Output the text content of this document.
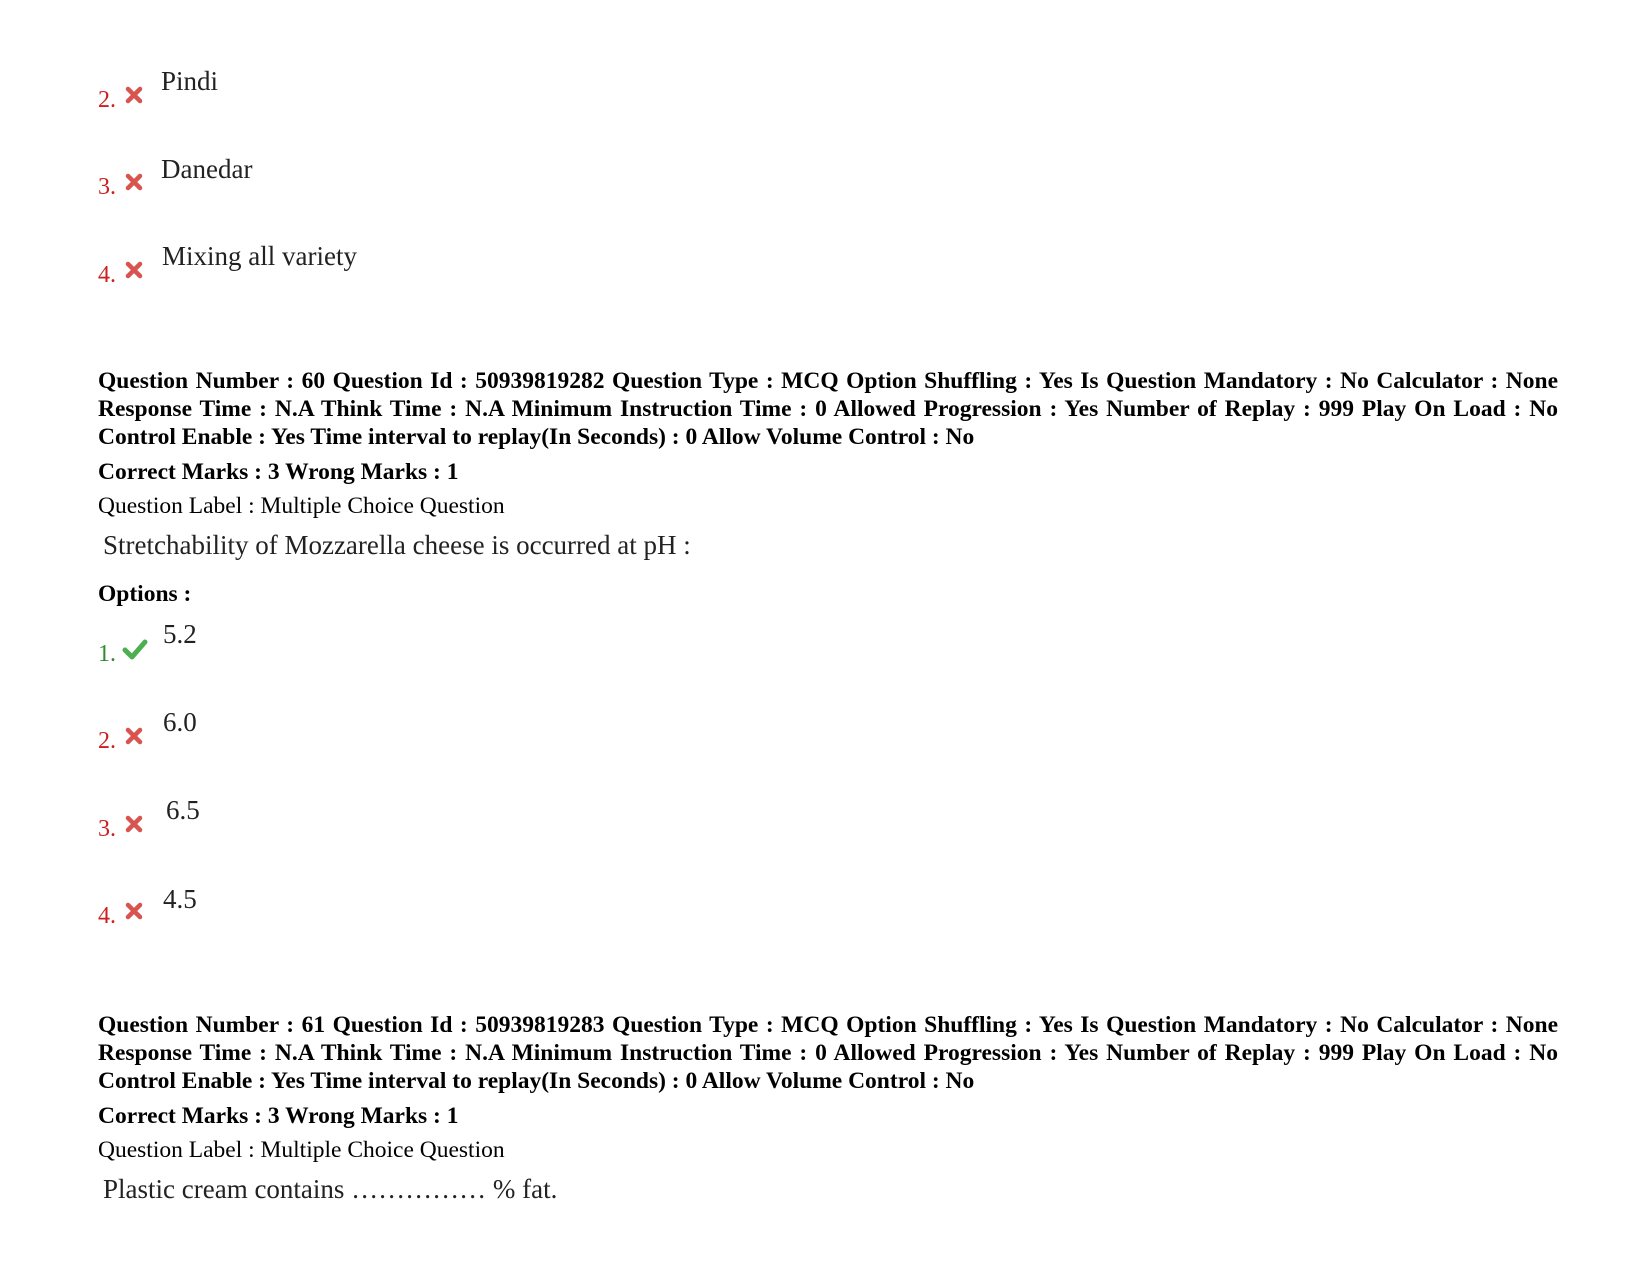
2.
Pindi
3.
Danedar
4.
Mixing all variety
Question Number : 60 Question Id : 50939819282 Question Type : MCQ Option Shuffling : Yes Is Question Mandatory : No Calculator : None Response Time : N.A Think Time : N.A Minimum Instruction Time : 0 Allowed Progression : Yes Number of Replay : 999 Play On Load : No Control Enable : Yes Time interval to replay(In Seconds) : 0 Allow Volume Control : No
Correct Marks : 3 Wrong Marks : 1
Question Label : Multiple Choice Question
Stretchability of Mozzarella cheese is occurred at pH :
Options :
1.
5.2
2.
6.0
3.
6.5
4.
4.5
Question Number : 61 Question Id : 50939819283 Question Type : MCQ Option Shuffling : Yes Is Question Mandatory : No Calculator : None Response Time : N.A Think Time : N.A Minimum Instruction Time : 0 Allowed Progression : Yes Number of Replay : 999 Play On Load : No Control Enable : Yes Time interval to replay(In Seconds) : 0 Allow Volume Control : No
Correct Marks : 3 Wrong Marks : 1
Question Label : Multiple Choice Question
Plastic cream contains …………… % fat.
